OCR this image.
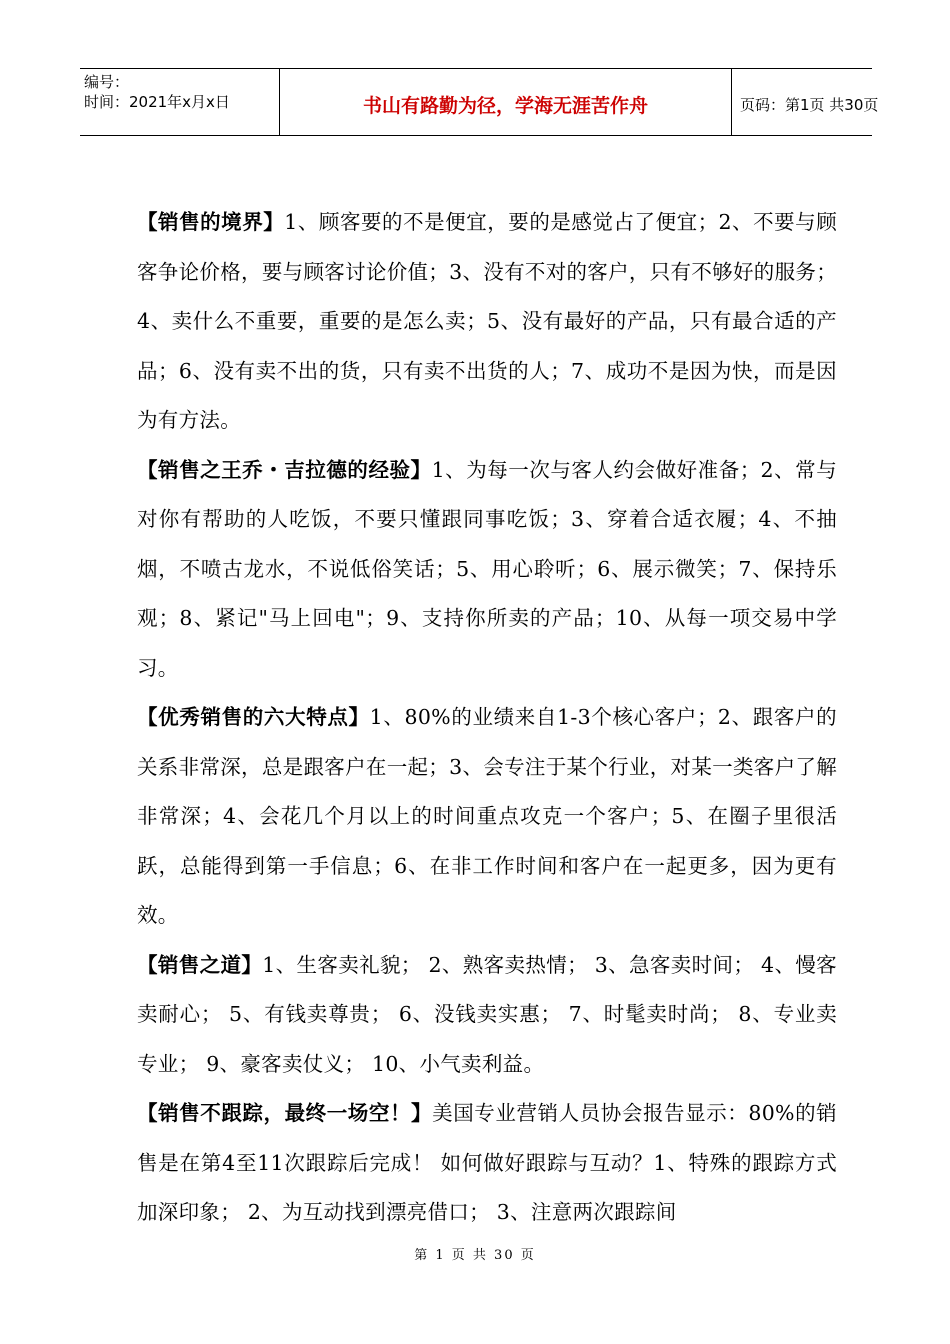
编号：
时间：2021年x月x日	书山有路勤为径，学海无涯苦作舟	页码：第1页 共30页

【销售的境界】1、顾客要的不是便宜，要的是感觉占了便宜；2、不要与顾客争论价格，要与顾客讨论价值；3、没有不对的客户，只有不够好的服务；4、卖什么不重要，重要的是怎么卖；5、没有最好的产品，只有最合适的产品；6、没有卖不出的货，只有卖不出货的人；7、成功不是因为快，而是因为有方法。

【销售之王乔・吉拉德的经验】1、为每一次与客人约会做好准备；2、常与对你有帮助的人吃饭，不要只懂跟同事吃饭；3、穿着合适衣履；4、不抽烟，不喷古龙水，不说低俗笑话；5、用心聆听；6、展示微笑；7、保持乐观；8、紧记"马上回电"；9、支持你所卖的产品；10、从每一项交易中学习。

【优秀销售的六大特点】1、80%的业绩来自1-3个核心客户；2、跟客户的关系非常深，总是跟客户在一起；3、会专注于某个行业，对某一类客户了解非常深；4、会花几个月以上的时间重点攻克一个客户；5、在圈子里很活跃，总能得到第一手信息；6、在非工作时间和客户在一起更多，因为更有效。

【销售之道】1、生客卖礼貌； 2、熟客卖热情； 3、急客卖时间； 4、慢客卖耐心； 5、有钱卖尊贵； 6、没钱卖实惠； 7、时髦卖时尚； 8、专业卖专业； 9、豪客卖仗义； 10、小气卖利益。

【销售不跟踪，最终一场空！】美国专业营销人员协会报告显示：80%的销售是在第4至11次跟踪后完成！ 如何做好跟踪与互动？1、特殊的跟踪方式加深印象； 2、为互动找到漂亮借口； 3、注意两次跟踪间

第 1 页 共 30 页
